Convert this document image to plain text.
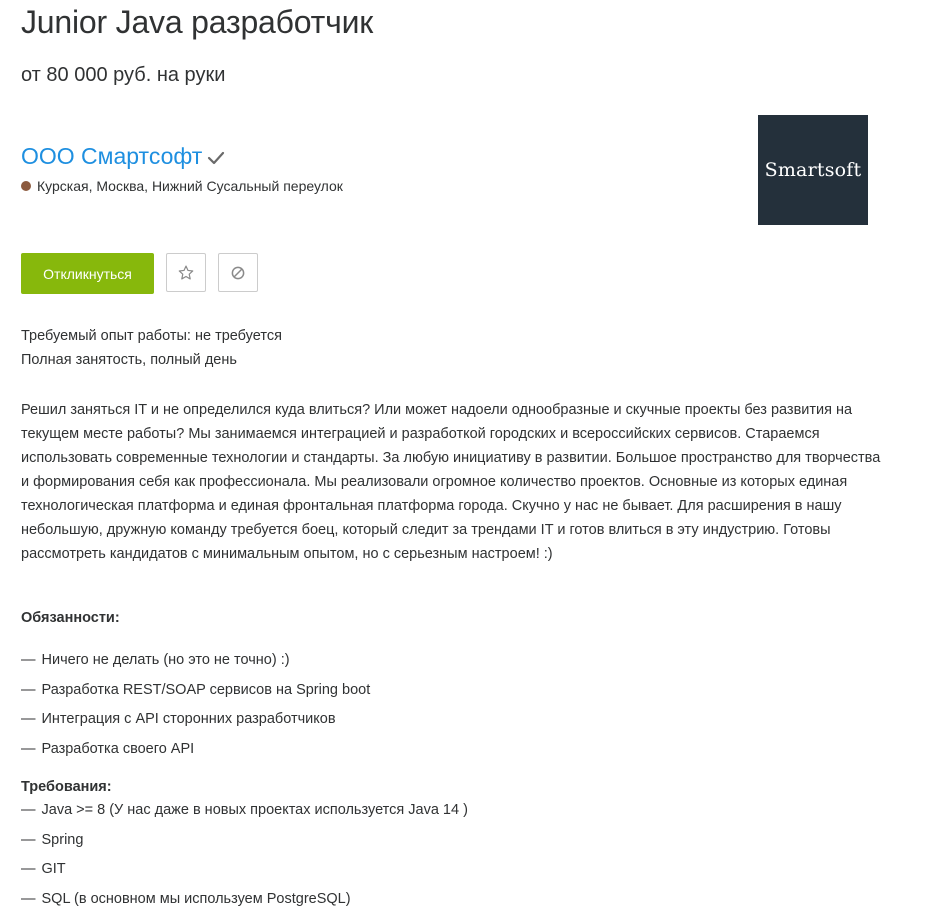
Junior Java разработчик

от 80 000 руб. на руки

ООО Смартсофт
Курская, Москва, Нижний Сусальный переулок
Smartsoft
Откликнуться
Требуемый опыт работы: не требуется
Полная занятость, полный день

Решил заняться IT и не определился куда влиться? Или может надоели однообразные и скучные проекты без развития на текущем месте работы? Мы занимаемся интеграцией и разработкой городских и всероссийских сервисов. Стараемся использовать современные технологии и стандарты. За любую инициативу в развитии. Большое пространство для творчества и формирования себя как профессионала. Мы реализовали огромное количество проектов. Основные из которых единая технологическая платформа и единая фронтальная платформа города. Скучно у нас не бывает. Для расширения в нашу небольшую, дружную команду требуется боец, который следит за трендами IT и готов влиться в эту индустрию. Готовы рассмотреть кандидатов с минимальным опытом, но с серьезным настроем! :)

Обязанности:

— Ничего не делать (но это не точно) :)
— Разработка REST/SOAP сервисов на Spring boot
— Интеграция с API сторонних разработчиков
— Разработка своего API

Требования:

— Java >= 8 (У нас даже в новых проектах используется Java 14 )
— Spring
— GIT
— SQL (в основном мы используем PostgreSQL)
